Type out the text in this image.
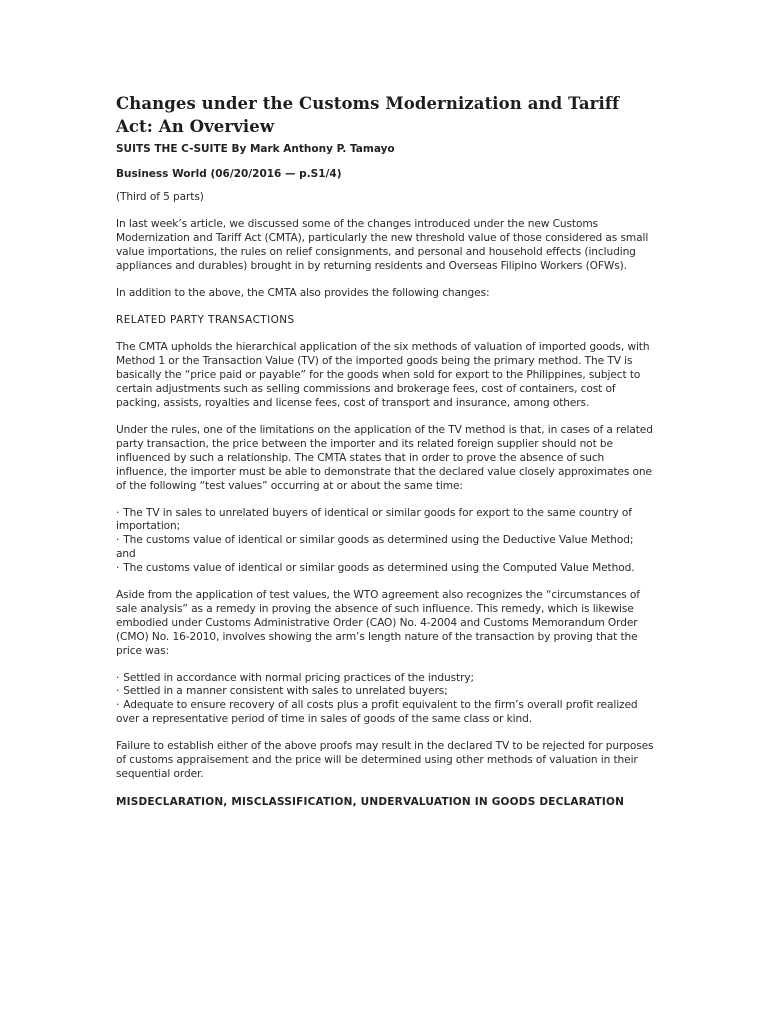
Changes under the Customs Modernization and Tariff Act: An Overview
SUITS THE C-SUITE By Mark Anthony P. Tamayo
Business World (06/20/2016 — p.S1/4)

(Third of 5 parts)

In last week’s article, we discussed some of the changes introduced under the new Customs Modernization and Tariff Act (CMTA), particularly the new threshold value of those considered as small value importations, the rules on relief consignments, and personal and household effects (including appliances and durables) brought in by returning residents and Overseas Filipino Workers (OFWs).

In addition to the above, the CMTA also provides the following changes:

RELATED PARTY TRANSACTIONS

The CMTA upholds the hierarchical application of the six methods of valuation of imported goods, with Method 1 or the Transaction Value (TV) of the imported goods being the primary method. The TV is basically the “price paid or payable” for the goods when sold for export to the Philippines, subject to certain adjustments such as selling commissions and brokerage fees, cost of containers, cost of packing, assists, royalties and license fees, cost of transport and insurance, among others.

Under the rules, one of the limitations on the application of the TV method is that, in cases of a related party transaction, the price between the importer and its related foreign supplier should not be influenced by such a relationship. The CMTA states that in order to prove the absence of such influence, the importer must be able to demonstrate that the declared value closely approximates one of the following “test values” occurring at or about the same time:

· The TV in sales to unrelated buyers of identical or similar goods for export to the same country of importation;
· The customs value of identical or similar goods as determined using the Deductive Value Method; and
· The customs value of identical or similar goods as determined using the Computed Value Method.

Aside from the application of test values, the WTO agreement also recognizes the “circumstances of sale analysis” as a remedy in proving the absence of such influence. This remedy, which is likewise embodied under Customs Administrative Order (CAO) No. 4-2004 and Customs Memorandum Order (CMO) No. 16-2010, involves showing the arm’s length nature of the transaction by proving that the price was:

· Settled in accordance with normal pricing practices of the industry;
· Settled in a manner consistent with sales to unrelated buyers;
· Adequate to ensure recovery of all costs plus a profit equivalent to the firm’s overall profit realized over a representative period of time in sales of goods of the same class or kind.

Failure to establish either of the above proofs may result in the declared TV to be rejected for purposes of customs appraisement and the price will be determined using other methods of valuation in their sequential order.

MISDECLARATION, MISCLASSIFICATION, UNDERVALUATION IN GOODS DECLARATION
